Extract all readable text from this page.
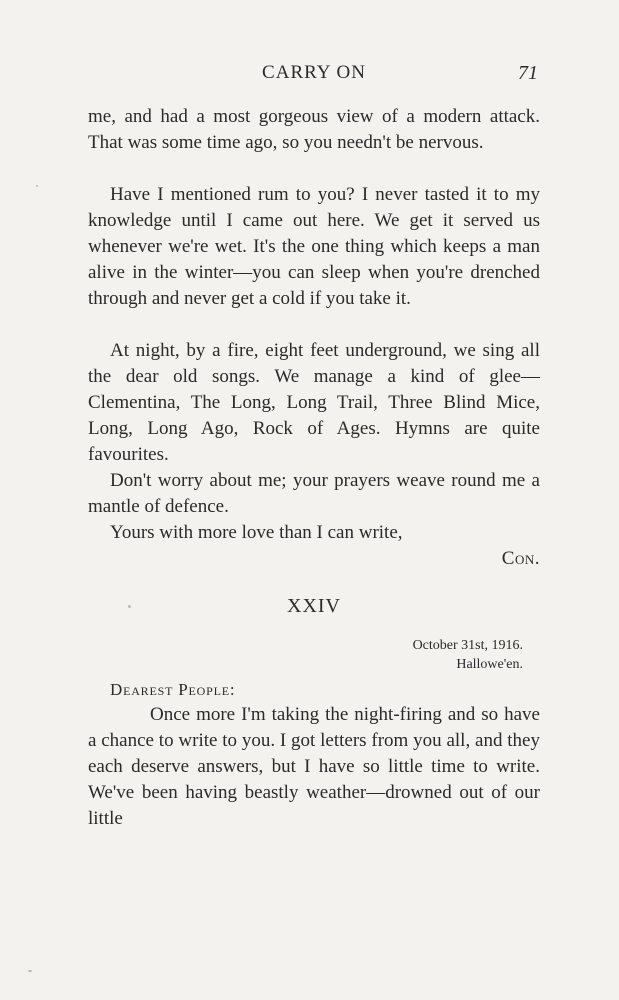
CARRY ON	71

me, and had a most gorgeous view of a modern attack. That was some time ago, so you needn't be nervous.

Have I mentioned rum to you? I never tasted it to my knowledge until I came out here. We get it served us whenever we're wet. It's the one thing which keeps a man alive in the winter—you can sleep when you're drenched through and never get a cold if you take it.

At night, by a fire, eight feet underground, we sing all the dear old songs. We manage a kind of glee—Clementina, The Long, Long Trail, Three Blind Mice, Long, Long Ago, Rock of Ages. Hymns are quite favourites.

Don't worry about me; your prayers weave round me a mantle of defence.

Yours with more love than I can write,
Con.
XXIV
October 31st, 1916.
Hallowe'en.
Dearest People:

Once more I'm taking the night-firing and so have a chance to write to you. I got letters from you all, and they each deserve answers, but I have so little time to write. We've been having beastly weather—drowned out of our little
